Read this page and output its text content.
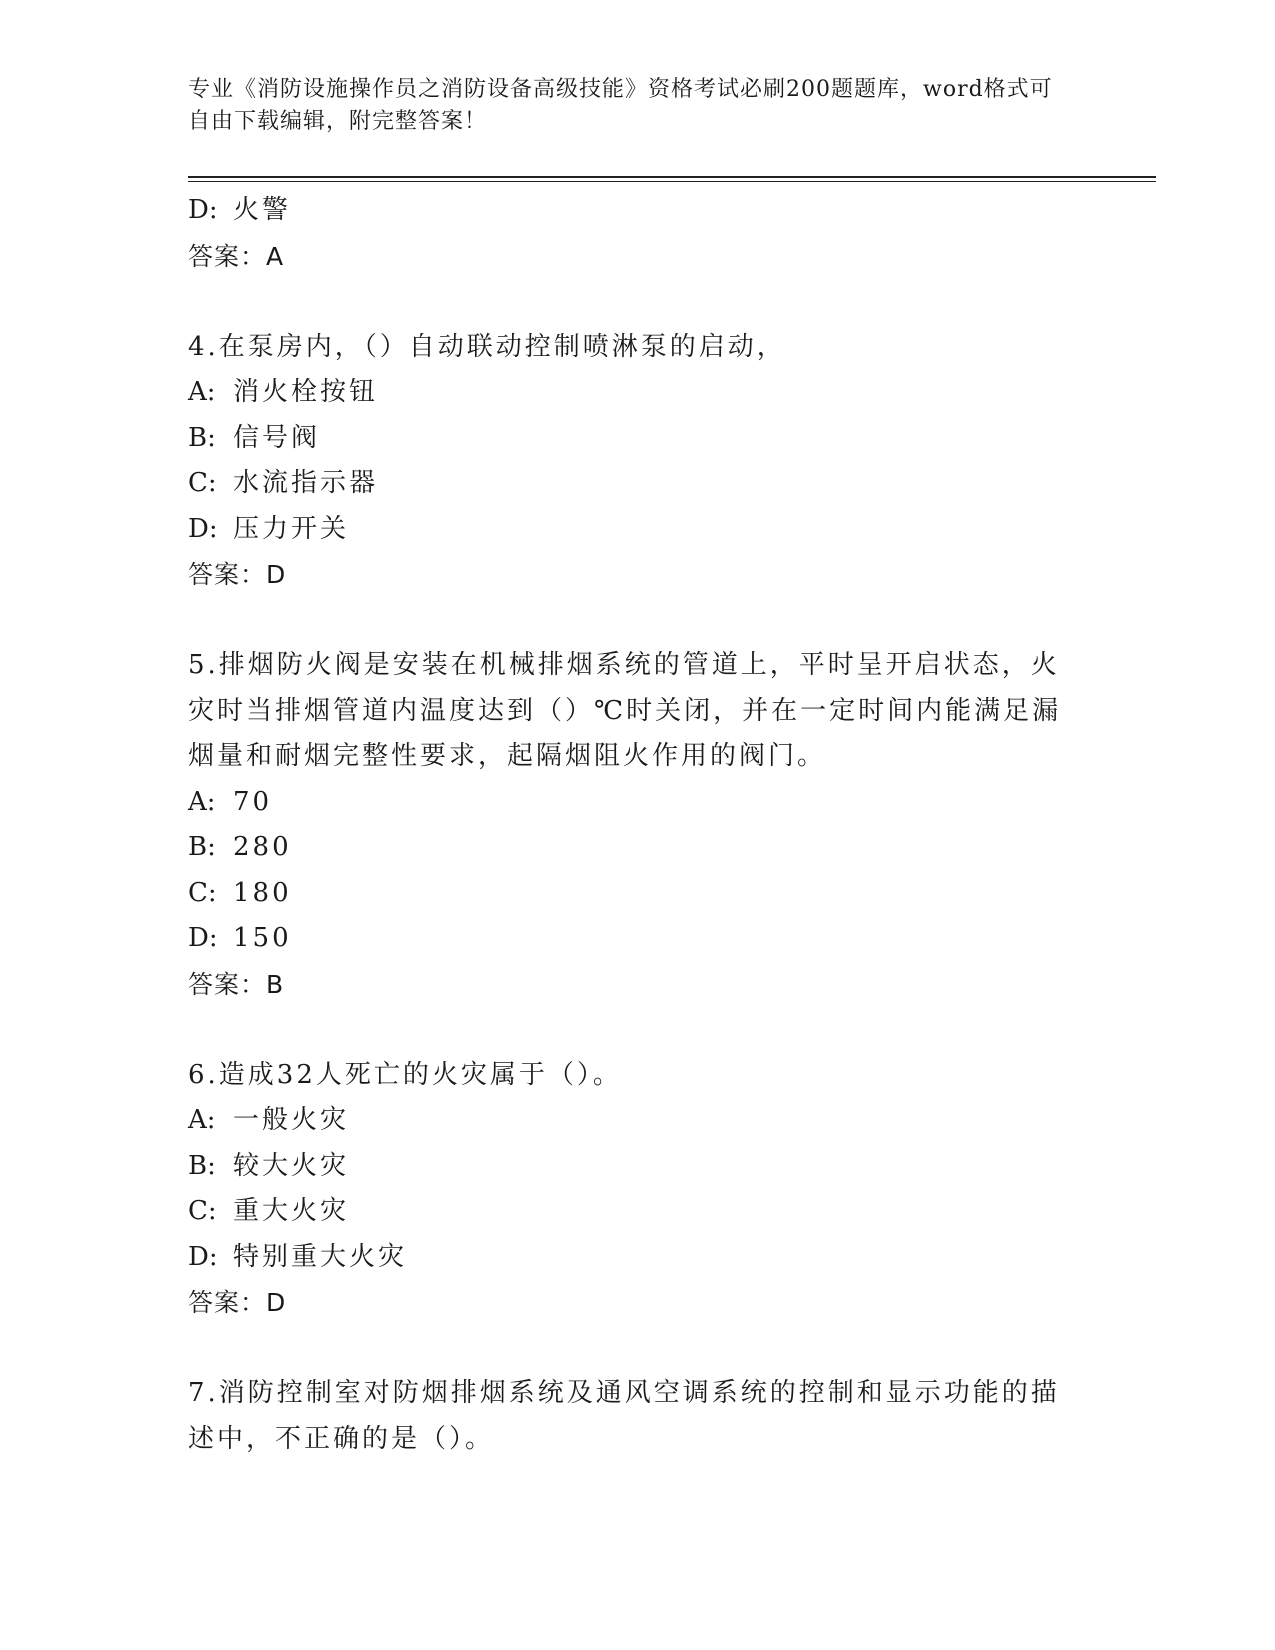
专业《消防设施操作员之消防设备高级技能》资格考试必刷200题题库，word格式可自由下载编辑，附完整答案！
D: 火警
答案：A
4.在泵房内，（）自动联动控制喷淋泵的启动，
A: 消火栓按钮
B: 信号阀
C: 水流指示器
D: 压力开关
答案：D
5.排烟防火阀是安装在机械排烟系统的管道上，平时呈开启状态，火灾时当排烟管道内温度达到（）℃时关闭，并在一定时间内能满足漏烟量和耐烟完整性要求，起隔烟阻火作用的阀门。
A: 70
B: 280
C: 180
D: 150
答案：B
6.造成32人死亡的火灾属于（）。
A: 一般火灾
B: 较大火灾
C: 重大火灾
D: 特别重大火灾
答案：D
7.消防控制室对防烟排烟系统及通风空调系统的控制和显示功能的描述中，不正确的是（）。
